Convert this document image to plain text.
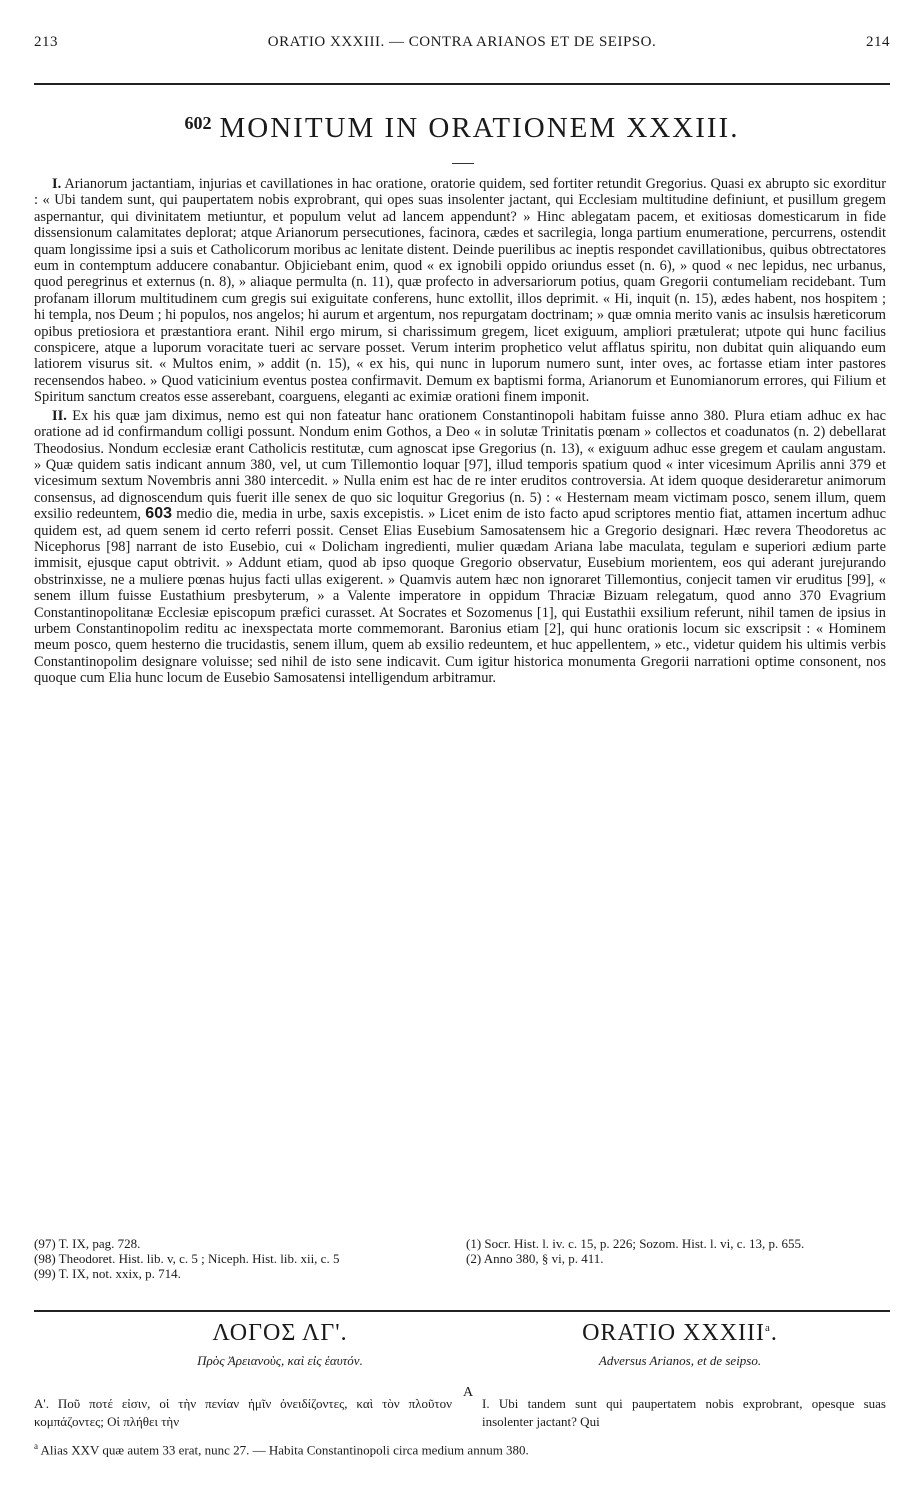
213	ORATIO XXXIII. — CONTRA ARIANOS ET DE SEIPSO.	214
$^{602}$ MONITUM IN ORATIONEM XXXIII.

I. Arianorum jactantiam, injurias et cavillationes in hac oratione, oratorie quidem, sed fortiter retundit Gregorius. Quasi ex abrupto sic exorditur : « Ubi tandem sunt, qui paupertatem nobis exprobrant, qui opes suas insolenter jactant, qui Ecclesiam multitudine definiunt, et pusillum gregem aspernantur, qui divinitatem metiuntur, et populum velut ad lancem appendunt? » Hinc ablegatam pacem, et exitiosas domesticarum in fide dissensionum calamitates deplorat; atque Arianorum persecutiones, facinora, cædes et sacrilegia, longa partium enumeratione, percurrens, ostendit quam longissime ipsi a suis et Catholicorum moribus ac lenitate distent. Deinde puerilibus ac ineptis respondet cavillationibus, quibus obtrectatores eum in contemptum adducere conabantur. Objiciebant enim, quod « ex ignobili oppido oriundus esset (n. 6), » quod « nec lepidus, nec urbanus, quod peregrinus et externus (n. 8), » aliaque permulta (n. 11), quæ profecto in adversariorum potius, quam Gregorii contumeliam recidebant. Tum profanam illorum multitudinem cum gregis sui exiguitate conferens, hunc extollit, illos deprimit. « Hi, inquit (n. 15), ædes habent, nos hospitem ; hi templa, nos Deum ; hi populos, nos angelos; hi aurum et argentum, nos repurgatam doctrinam; » quæ omnia merito vanis ac insulsis hæreticorum opibus pretiosiora et præstantiora erant. Nihil ergo mirum, si charissimum gregem, licet exiguum, ampliori prætulerat; utpote qui hunc facilius conspicere, atque a luporum voracitate tueri ac servare posset. Verum interim prophetico velut afflatus spiritu, non dubitat quin aliquando eum latiorem visurus sit. « Multos enim, » addit (n. 15), « ex his, qui nunc in luporum numero sunt, inter oves, ac fortasse etiam inter pastores recensendos habeo. » Quod vaticinium eventus postea confirmavit. Demum ex baptismi forma, Arianorum et Eunomianorum errores, qui Filium et Spiritum sanctum creatos esse asserebant, coarguens, eleganti ac eximiæ orationi finem imponit.

II. Ex his quæ jam diximus, nemo est qui non fateatur hanc orationem Constantinopoli habitam fuisse anno 380. Plura etiam adhuc ex hac oratione ad id confirmandum colligi possunt. Nondum enim Gothos, a Deo « in solutæ Trinitatis pœnam » collectos et coadunatos (n. 2) debellarat Theodosius. Nondum ecclesiæ erant Catholicis restitutæ, cum agnoscat ipse Gregorius (n. 13), « exiguum adhuc esse gregem et caulam angustam. » Quæ quidem satis indicant annum 380, vel, ut cum Tillemontio loquar [97], illud temporis spatium quod « inter vicesimum Aprilis anni 379 et vicesimum sextum Novembris anni 380 intercedit. » Nulla enim est hac de re inter eruditos controversia. At idem quoque desideraretur animorum consensus, ad dignoscendum quis fuerit ille senex de quo sic loquitur Gregorius (n. 5) : « Hesternam meam victimam posco, senem illum, quem exsilio redeuntem, 603 medio die, media in urbe, saxis excepistis. » Licet enim de isto facto apud scriptores mentio fiat, attamen incertum adhuc quidem est, ad quem senem id certo referri possit. Censet Elias Eusebium Samosatensem hic a Gregorio designari. Hæc revera Theodoretus ac Nicephorus [98] narrant de isto Eusebio, cui « Dolicham ingredienti, mulier quædam Ariana labe maculata, tegulam e superiori ædium parte immisit, ejusque caput obtrivit. » Addunt etiam, quod ab ipso quoque Gregorio observatur, Eusebium morientem, eos qui aderant jurejurando obstrinxisse, ne a muliere pœnas hujus facti ullas exigerent. » Quamvis autem hæc non ignoraret Tillemontius, conjecit tamen vir eruditus [99], « senem illum fuisse Eustathium presbyterum, » a Valente imperatore in oppidum Thraciæ Bizuam relegatum, quod anno 370 Evagrium Constantinopolitanæ Ecclesiæ episcopum præfici curasset. At Socrates et Sozomenus [1], qui Eustathii exsilium referunt, nihil tamen de ipsius in urbem Constantinopolim reditu ac inexspectata morte commemorant. Baronius etiam [2], qui hunc orationis locum sic exscripsit : « Hominem meum posco, quem hesterno die trucidastis, senem illum, quem ab exsilio redeuntem, et huc appellentem, » etc., videtur quidem his ultimis verbis Constantinopolim designare voluisse; sed nihil de isto sene indicavit. Cum igitur historica monumenta Gregorii narrationi optime consonent, nos quoque cum Elia hunc locum de Eusebio Samosatensi intelligendum arbitramur.

(97) T. IX, pag. 728.
(98) Theodoret. Hist. lib. v, c. 5 ; Niceph. Hist. lib. xii, c. 5
(99) T. IX, not. xxix, p. 714.
(1) Socr. Hist. l. iv. c. 15, p. 226; Sozom. Hist. l. vi, c. 13, p. 655.
(2) Anno 380, § vi, p. 411.
ΛΟΓΟΣ ΛΓ'.
Πρὸς Ἀρειανοὺς, καὶ εἰς ἑαυτόν.
A
ORATIO XXXIII$^a$.
Adversus Arianos, et de seipso.
Α'. Ποῦ ποτέ εἰσιν, οἱ τὴν πενίαν ἡμῖν ὀνειδίζοντες, καὶ τὸν πλοῦτον κομπάζοντες; Οἱ πλήθει τὴν
I. Ubi tandem sunt qui paupertatem nobis exprobrant, opesque suas insolenter jactant? Qui
$^a$ Alias XXV quæ autem 33 erat, nunc 27. — Habita Constantinopoli circa medium annum 380.
